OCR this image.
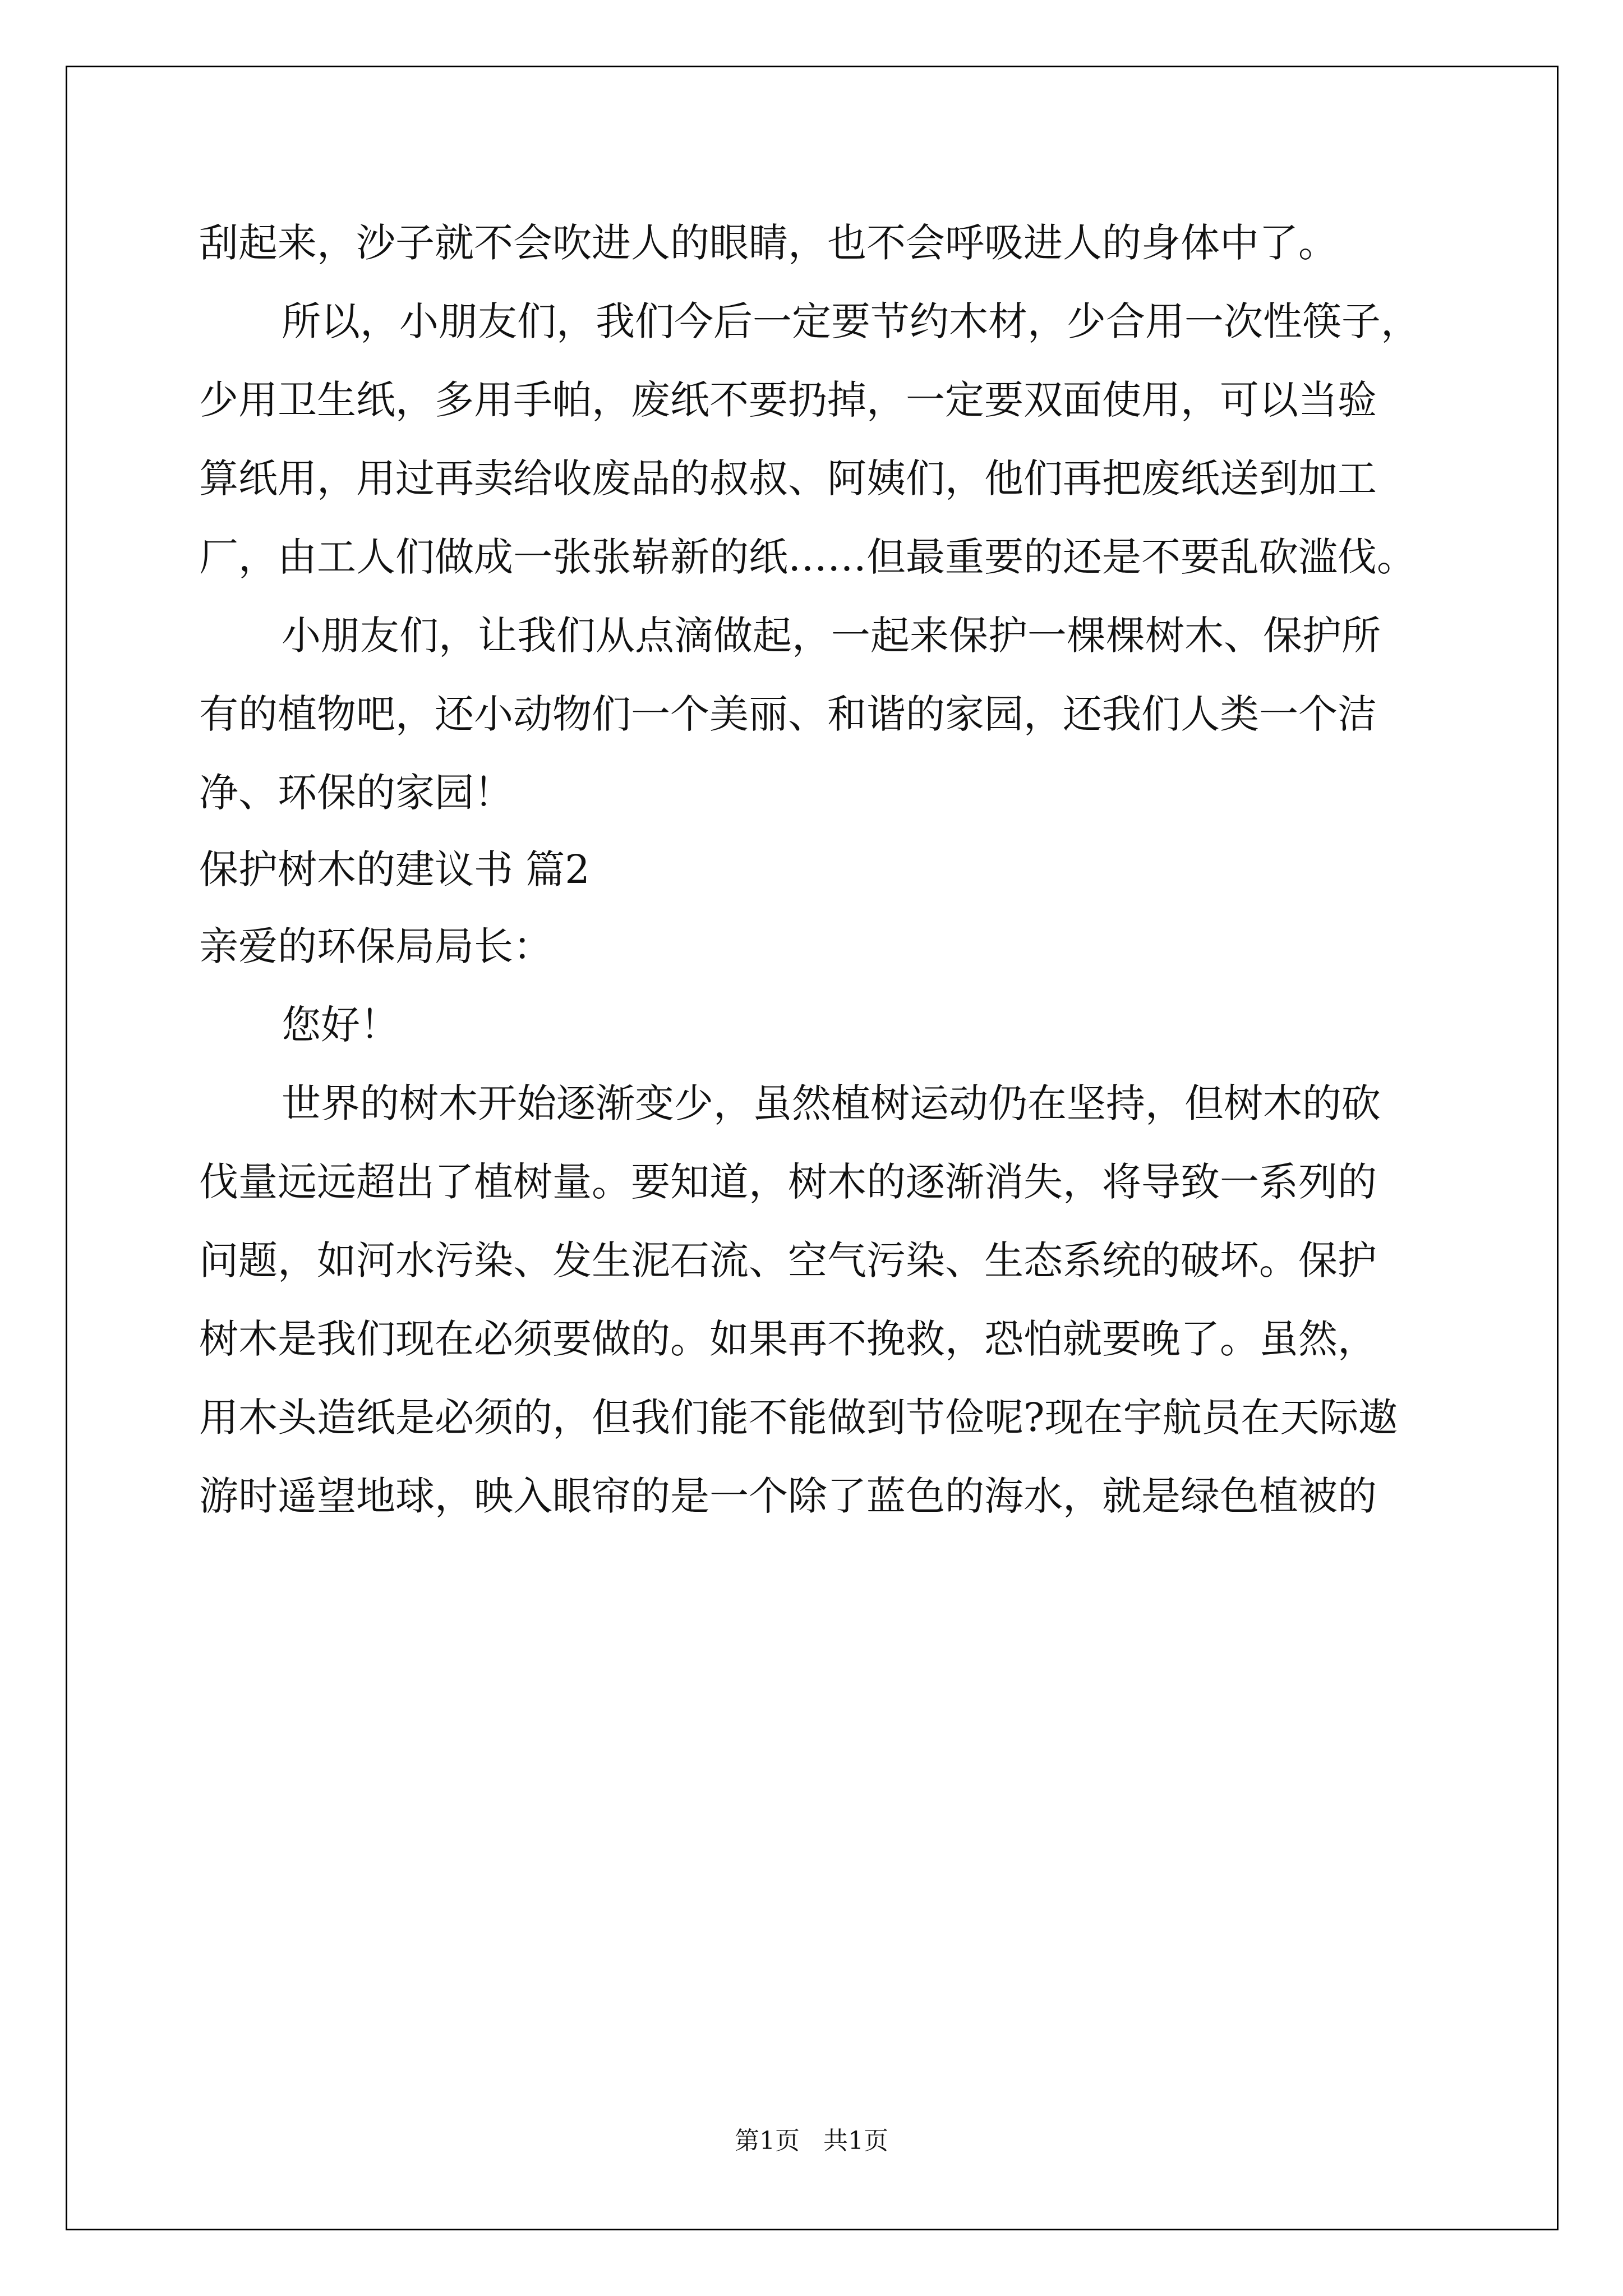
刮起来，沙子就不会吹进人的眼睛，也不会呼吸进人的身体中了。

所以，小朋友们，我们今后一定要节约木材，少合用一次性筷子，

少用卫生纸，多用手帕，废纸不要扔掉，一定要双面使用，可以当验

算纸用，用过再卖给收废品的叔叔、阿姨们，他们再把废纸送到加工

厂，由工人们做成一张张崭新的纸……但最重要的还是不要乱砍滥伐。

小朋友们，让我们从点滴做起，一起来保护一棵棵树木、保护所

有的植物吧，还小动物们一个美丽、和谐的家园，还我们人类一个洁

净、环保的家园！

保护树木的建议书 篇2

亲爱的环保局局长：

您好！

世界的树木开始逐渐变少，虽然植树运动仍在坚持，但树木的砍

伐量远远超出了植树量。要知道，树木的逐渐消失，将导致一系列的

问题，如河水污染、发生泥石流、空气污染、生态系统的破坏。保护

树木是我们现在必须要做的。如果再不挽救，恐怕就要晚了。虽然，

用木头造纸是必须的，但我们能不能做到节俭呢?现在宇航员在天际遨

游时遥望地球，映入眼帘的是一个除了蓝色的海水，就是绿色植被的

第1页   共1页
